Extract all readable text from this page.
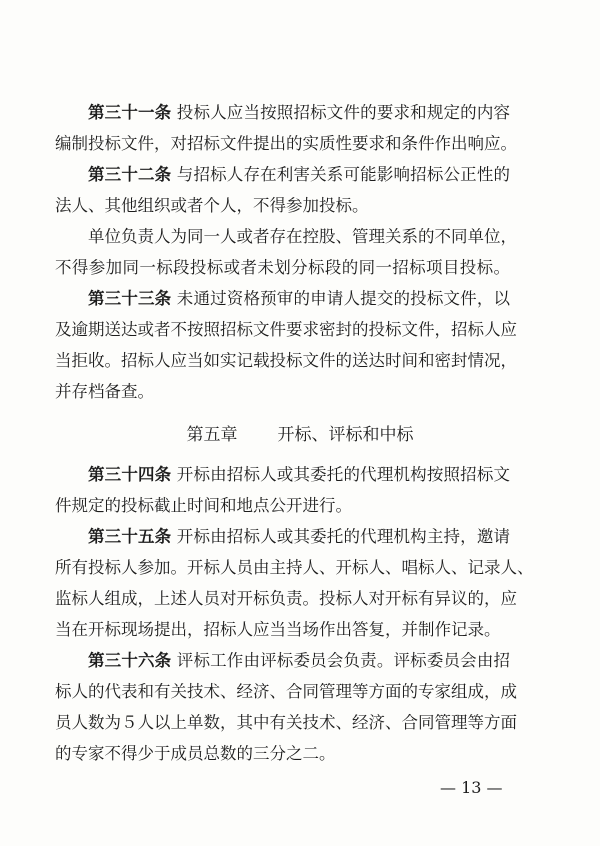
第三十一条 投标人应当按照招标文件的要求和规定的内容
编制投标文件，对招标文件提出的实质性要求和条件作出响应。
第三十二条 与招标人存在利害关系可能影响招标公正性的
法人、其他组织或者个人，不得参加投标。
单位负责人为同一人或者存在控股、管理关系的不同单位，
不得参加同一标段投标或者未划分标段的同一招标项目投标。
第三十三条 未通过资格预审的申请人提交的投标文件，以
及逾期送达或者不按照招标文件要求密封的投标文件，招标人应
当拒收。招标人应当如实记载投标文件的送达时间和密封情况，
并存档备查。
第五章 开标、评标和中标
第三十四条 开标由招标人或其委托的代理机构按照招标文
件规定的投标截止时间和地点公开进行。
第三十五条 开标由招标人或其委托的代理机构主持，邀请
所有投标人参加。开标人员由主持人、开标人、唱标人、记录人、
监标人组成，上述人员对开标负责。投标人对开标有异议的，应
当在开标现场提出，招标人应当当场作出答复，并制作记录。
第三十六条 评标工作由评标委员会负责。评标委员会由招
标人的代表和有关技术、经济、合同管理等方面的专家组成，成
员人数为５人以上单数，其中有关技术、经济、合同管理等方面
的专家不得少于成员总数的三分之二。
— 13 —
